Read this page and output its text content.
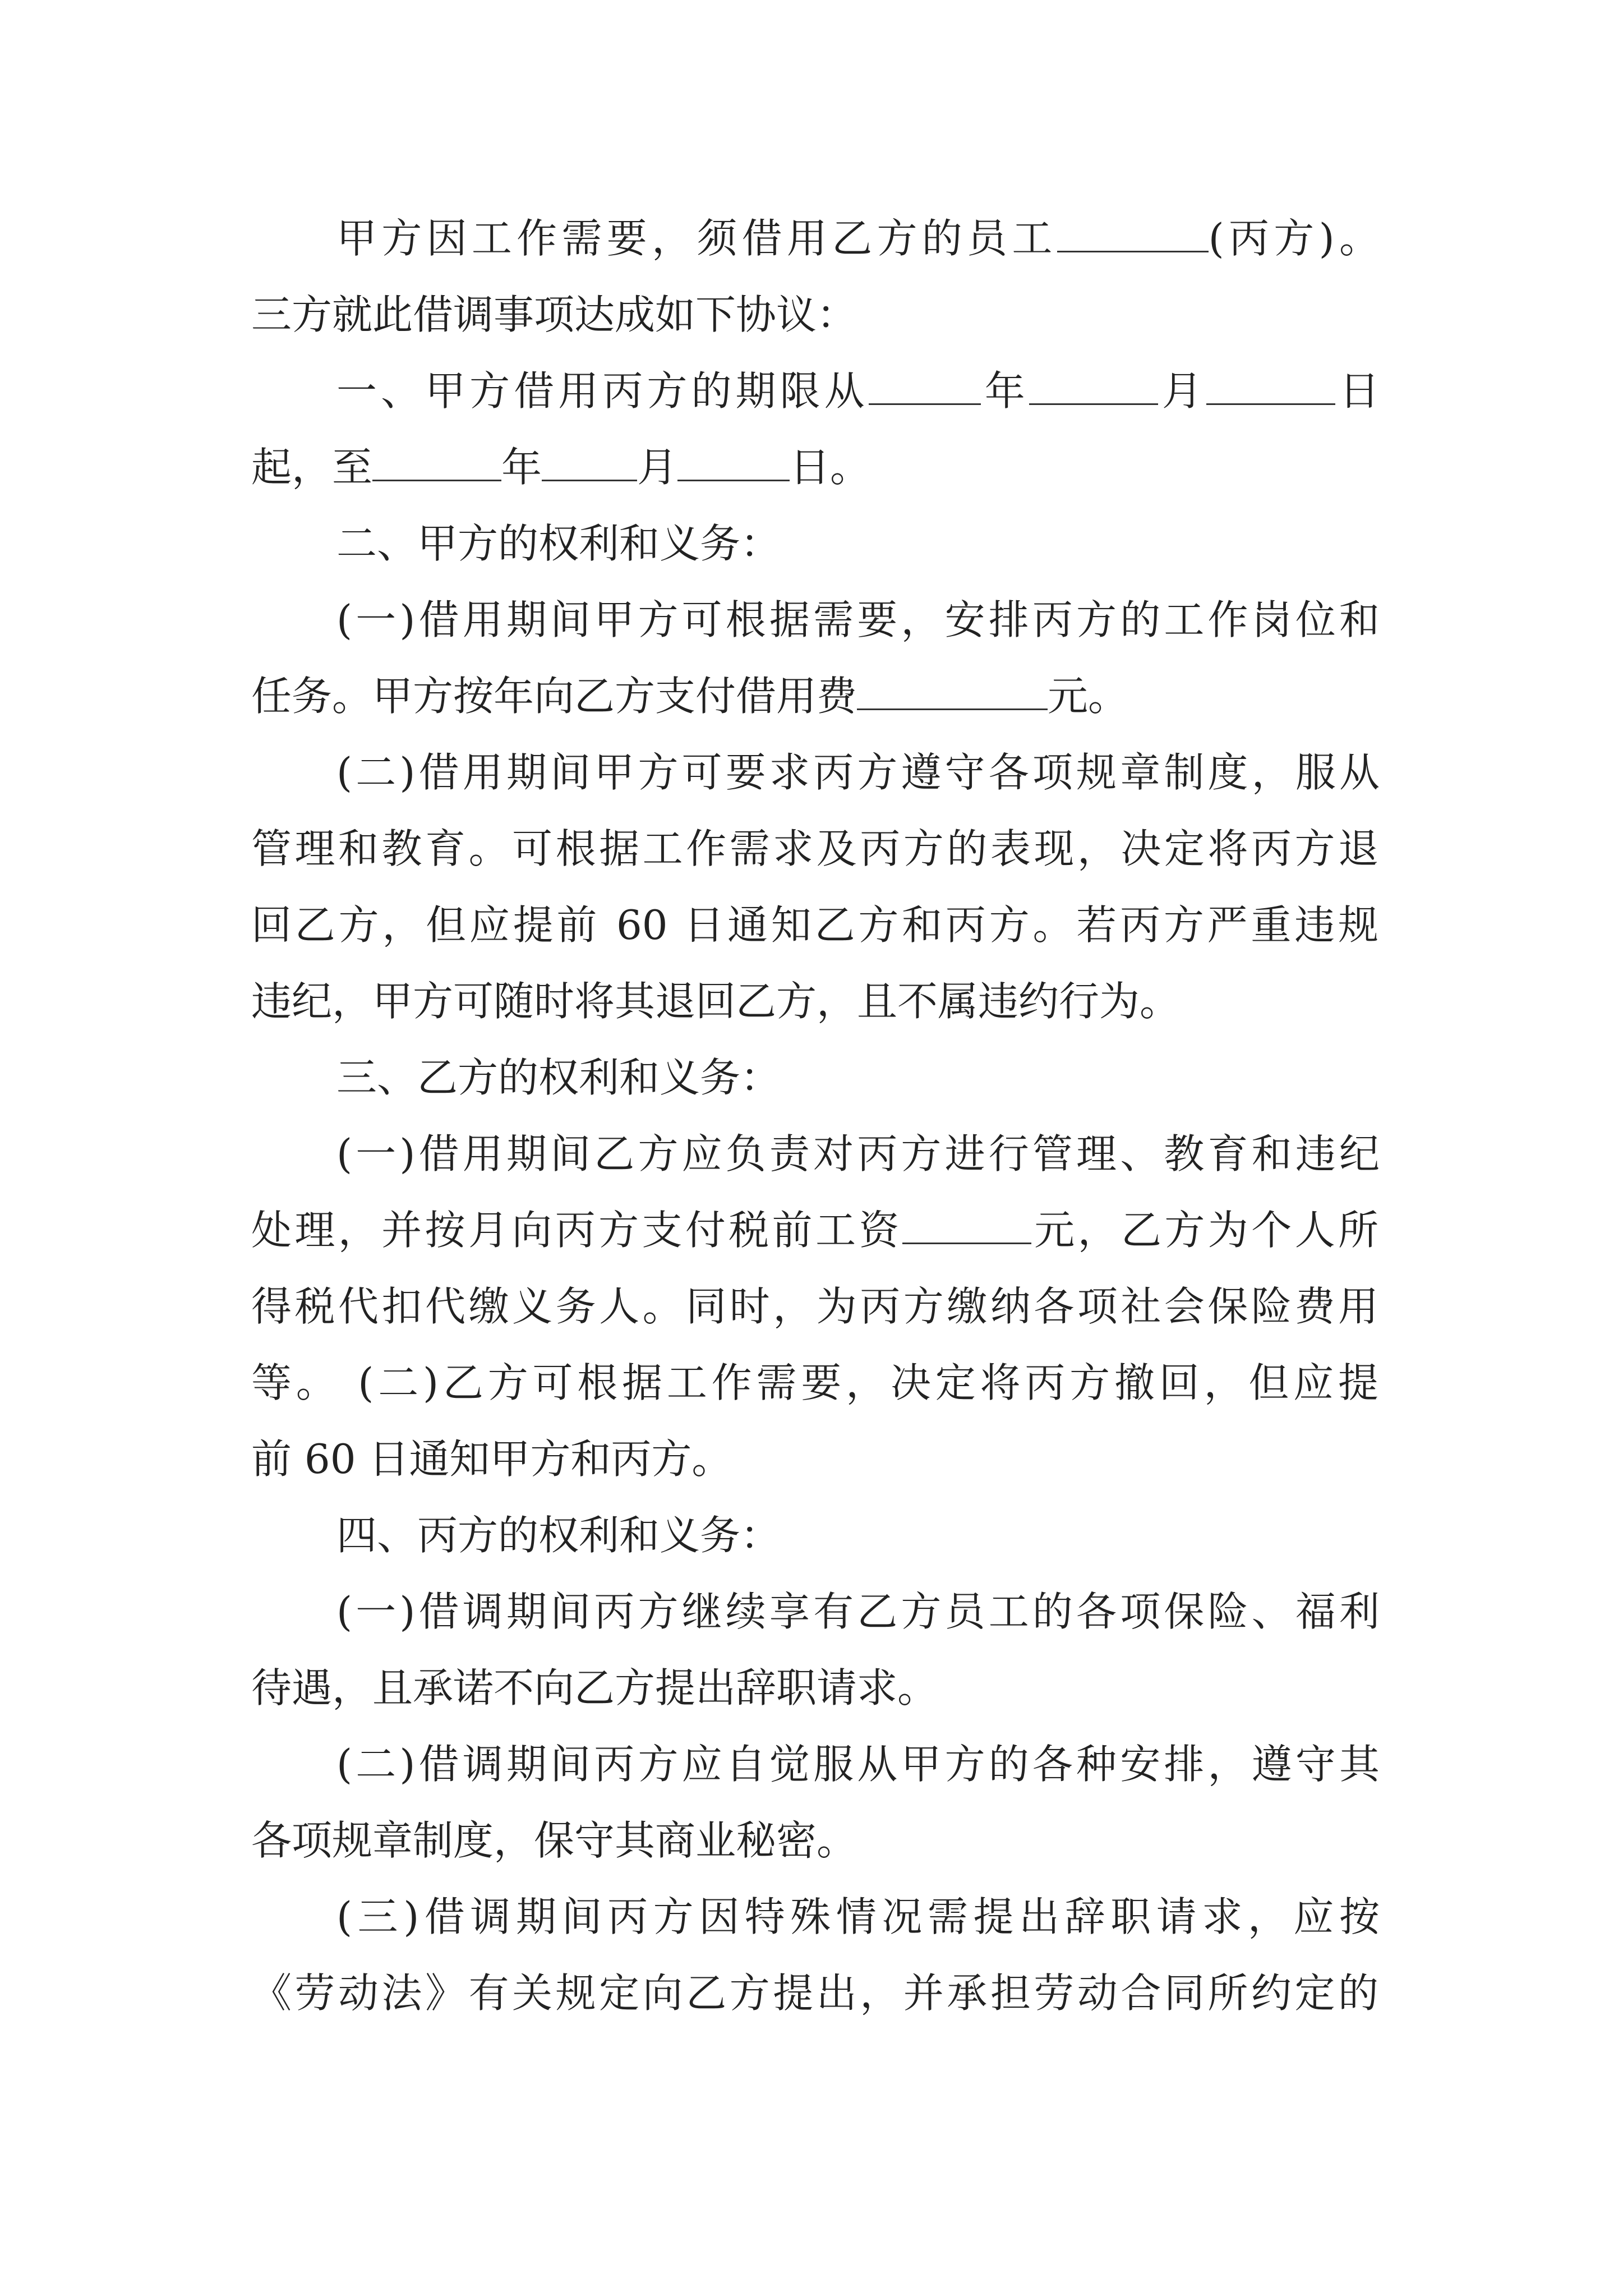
甲方因工作需要，须借用乙方的员工	(丙方)。
三方就此借调事项达成如下协议：
一、甲方借用丙方的期限从	年	月	日
起，至	年 月	日。
二、甲方的权利和义务：
(一)借用期间甲方可根据需要，安排丙方的工作岗位和
任务。甲方按年向乙方支付借用费	元。
(二)借用期间甲方可要求丙方遵守各项规章制度，服从
管理和教育。可根据工作需求及丙方的表现，决定将丙方退
回乙方，但应提前 60 日通知乙方和丙方。若丙方严重违规
违纪，甲方可随时将其退回乙方，且不属违约行为。
三、乙方的权利和义务：
(一)借用期间乙方应负责对丙方进行管理、教育和违纪
处理，并按月向丙方支付税前工资	元，乙方为个人所
得税代扣代缴义务人。同时，为丙方缴纳各项社会保险费用
等。 (二)乙方可根据工作需要，决定将丙方撤回，但应提
前 60 日通知甲方和丙方。
四、丙方的权利和义务：
(一)借调期间丙方继续享有乙方员工的各项保险、福利
待遇，且承诺不向乙方提出辞职请求。
(二)借调期间丙方应自觉服从甲方的各种安排，遵守其
各项规章制度，保守其商业秘密。
(三)借调期间丙方因特殊情况需提出辞职请求，应按
《劳动法》有关规定向乙方提出，并承担劳动合同所约定的
